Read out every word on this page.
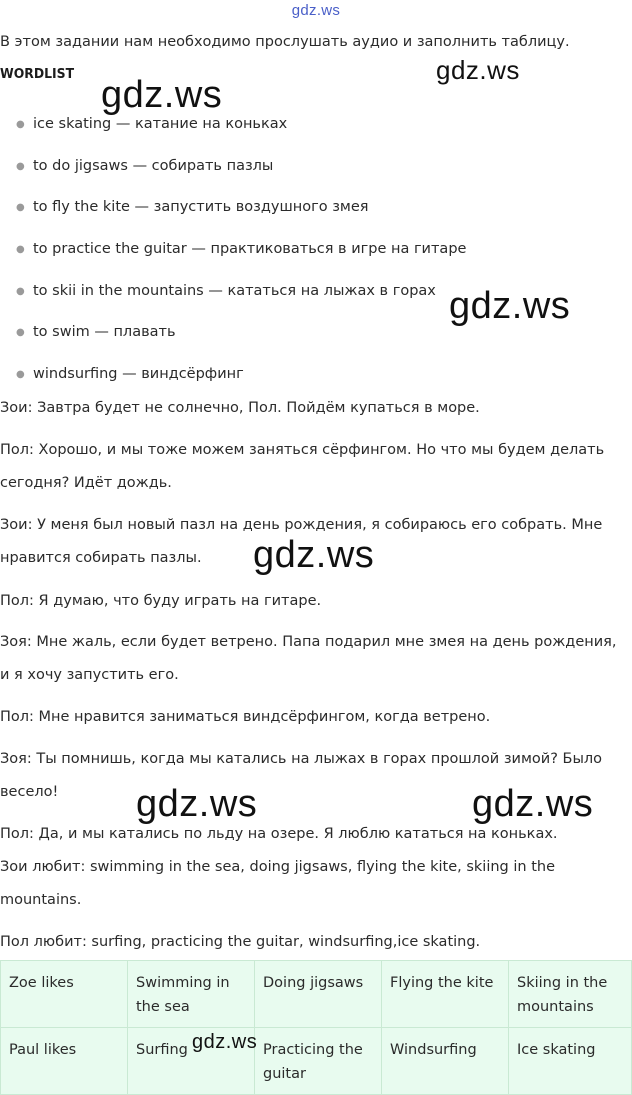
gdz.ws
В этом задании нам необходимо прослушать аудио и заполнить таблицу.
WORDLIST
● ice skating — катание на коньках
● to do jigsaws — собирать пазлы
● to fly the kite — запустить воздушного змея
● to practice the guitar — практиковаться в игре на гитаре
● to skii in the mountains — кататься на лыжах в горах
● to swim — плавать
● windsurfing — виндсёрфинг
Зои: Завтра будет не солнечно, Пол. Пойдём купаться в море.
Пол: Хорошо, и мы тоже можем заняться сёрфингом. Но что мы будем делать сегодня? Идёт дождь.
Зои: У меня был новый пазл на день рождения, я собираюсь его собрать. Мне нравится собирать пазлы.
Пол: Я думаю, что буду играть на гитаре.
Зоя: Мне жаль, если будет ветрено. Папа подарил мне змея на день рождения, и я хочу запустить его.
Пол: Мне нравится заниматься виндсёрфингом, когда ветрено.
Зоя: Ты помнишь, когда мы катались на лыжах в горах прошлой зимой? Было весело!
Пол: Да, и мы катались по льду на озере. Я люблю кататься на коньках.
Зои любит: swimming in the sea, doing jigsaws, flying the kite, skiing in the mountains.
Пол любит: surfing, practicing the guitar, windsurfing,ice skating.
Zoe likes	Swimming in the sea	Doing jigsaws	Flying the kite	Skiing in the mountains
Paul likes	Surfing	Practicing the guitar	Windsurfing	Ice skating
gdz.ws
gdz.ws
gdz.ws
gdz.ws
gdz.ws	gdz.ws
gdz.ws
